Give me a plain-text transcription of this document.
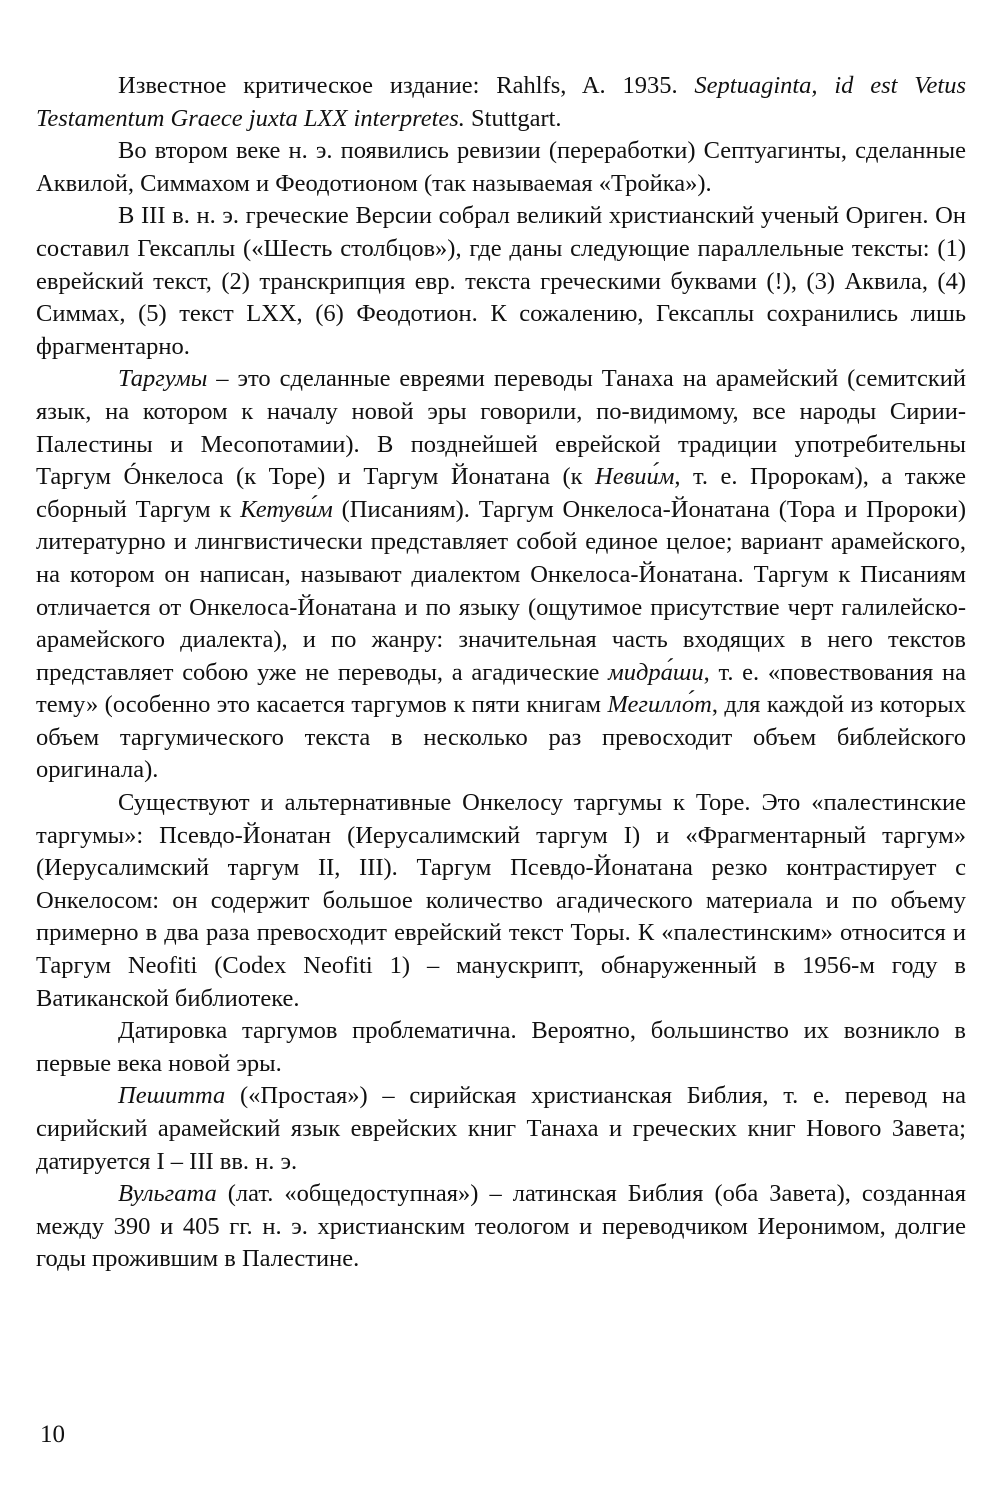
Известное критическое издание: Rahlfs, A. 1935. Septuaginta, id est Vetus Testamentum Graece juxta LXX interpretes. Stuttgart.

Во втором веке н. э. появились ревизии (переработки) Септуагинты, сделанные Аквилой, Симмахом и Феодотионом (так называемая «Тройка»).

В III в. н. э. греческие Версии собрал великий христианский ученый Ориген. Он составил Гексаплы («Шесть столбцов»), где даны следующие параллельные тексты: (1) еврейский текст, (2) транскрипция евр. текста греческими буквами (!), (3) Аквила, (4) Симмах, (5) текст LXX, (6) Феодотион. К сожалению, Гексаплы сохранились лишь фрагментарно.

Таргумы – это сделанные евреями переводы Танаха на арамейский (семитский язык, на котором к началу новой эры говорили, по-видимому, все народы Сирии-Палестины и Месопотамии). В позднейшей еврейской традиции употребительны Таргум Óнкелоса (к Торе) и Таргум Йонатана (к Невии́м, т. е. Пророкам), а также сборный Таргум к Кетуви́м (Писаниям). Таргум Онкелоса-Йонатана (Тора и Пророки) литературно и лингвистически представляет собой единое целое; вариант арамейского, на котором он написан, называют диалектом Онкелоса-Йонатана. Таргум к Писаниям отличается от Онкелоса-Йонатана и по языку (ощутимое присутствие черт галилейско-арамейского диалекта), и по жанру: значительная часть входящих в него текстов представляет собою уже не переводы, а агадические мидра́ши, т. е. «повествования на тему» (особенно это касается таргумов к пяти книгам Мегилло́т, для каждой из которых объем таргумического текста в несколько раз превосходит объем библейского оригинала).

Существуют и альтернативные Онкелосу таргумы к Торе. Это «палестинские таргумы»: Псевдо-Йонатан (Иерусалимский таргум I) и «Фрагментарный таргум» (Иерусалимский таргум II, III). Таргум Псевдо-Йонатана резко контрастирует с Онкелосом: он содержит большое количество агадического материала и по объему примерно в два раза превосходит еврейский текст Торы. К «палестинским» относится и Таргум Neofiti (Codex Neofiti 1) – манускрипт, обнаруженный в 1956-м году в Ватиканской библиотеке.

Датировка таргумов проблематична. Вероятно, большинство их возникло в первые века новой эры.

Пешитта («Простая») – сирийская христианская Библия, т. е. перевод на сирийский арамейский язык еврейских книг Танаха и греческих книг Нового Завета; датируется I – III вв. н. э.

Вульгата (лат. «общедоступная») – латинская Библия (оба Завета), созданная между 390 и 405 гг. н. э. христианским теологом и переводчиком Иеронимом, долгие годы прожившим в Палестине.

10
